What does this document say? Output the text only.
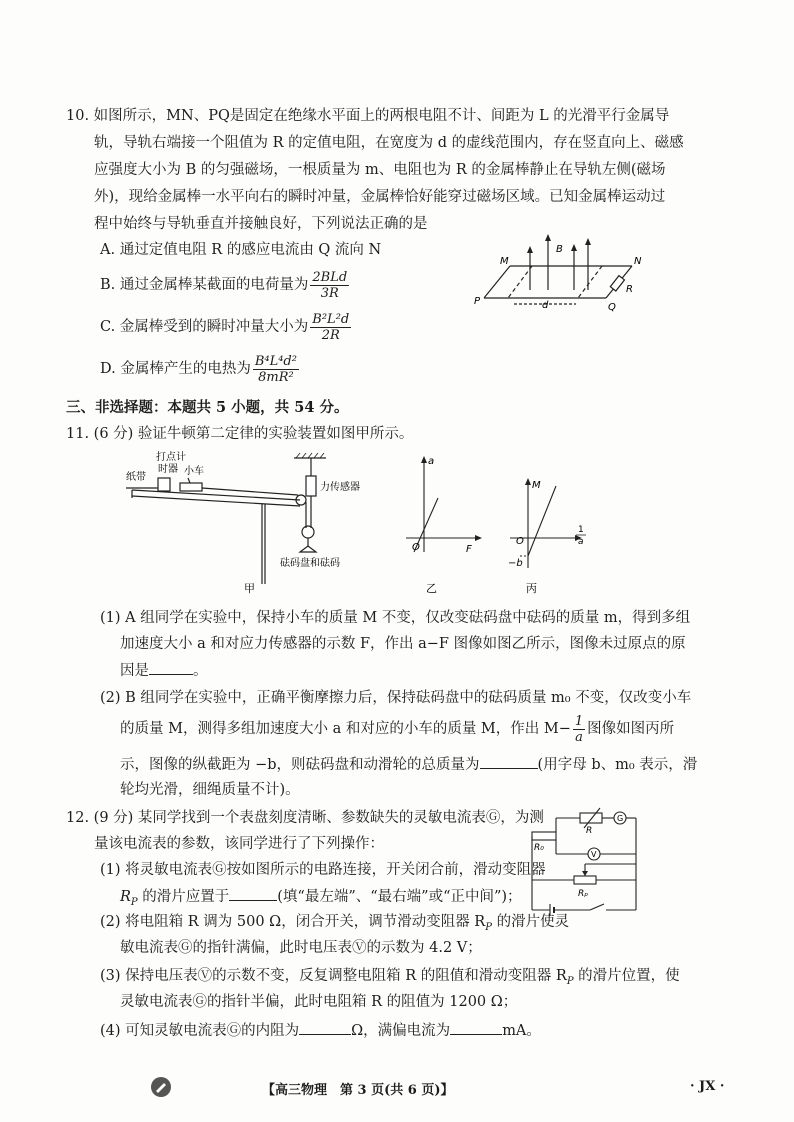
10. 如图所示，MN、PQ是固定在绝缘水平面上的两根电阻不计、间距为 L 的光滑平行金属导
轨，导轨右端接一个阻值为 R 的定值电阻，在宽度为 d 的虚线范围内，存在竖直向上、磁感
应强度大小为 B 的匀强磁场，一根质量为 m、电阻也为 R 的金属棒静止在导轨左侧(磁场
外)，现给金属棒一水平向右的瞬时冲量，金属棒恰好能穿过磁场区域。已知金属棒运动过
程中始终与导轨垂直并接触良好，下列说法正确的是
A. 通过定值电阻 R 的感应电流由 Q 流向 N
B. 通过金属棒某截面的电荷量为 $\frac{\text{2BLd}}{3R}$
C. 金属棒受到的瞬时冲量大小为 $\frac{\text{B²L²d}}{2R}$
D. 金属棒产生的电热为 $\frac{\text{B⁴L⁴d²}}{\text{8mR²}}$
M	N
P
Q
B
R
d
三、非选择题：本题共 5 小题，共 54 分。
11. (6 分) 验证牛顿第二定律的实验装置如图甲所示。
纸带
打点计
时器 小车
力传感器
砝码盘和砝码
甲
a
O	F
乙
M
O
−b
1
a
丙
(1) A 组同学在实验中，保持小车的质量 M 不变，仅改变砝码盘中砝码的质量 m，得到多组
加速度大小 a 和对应力传感器的示数 F，作出 a−F 图像如图乙所示，图像未过原点的原
因是	。
(2) B 组同学在实验中，正确平衡摩擦力后，保持砝码盘中的砝码质量 m₀ 不变，仅改变小车
的质量 M，测得多组加速度大小 a 和对应的小车的质量 M，作出 $M- \frac{1}{a}$ 图像如图丙所
示，图像的纵截距为 −b，则砝码盘和动滑轮的总质量为	(用字母 b、m₀ 表示，滑
轮均光滑，细绳质量不计)。
12. (9 分) 某同学找到一个表盘刻度清晰、参数缺失的灵敏电流表Ⓖ，为测
量该电流表的参数，该同学进行了下列操作：
(1) 将灵敏电流表Ⓖ按如图所示的电路连接，开关闭合前，滑动变阻器
$R_P$ 的滑片应置于	(填“最左端”、“最右端”或“正中间”)；
(2) 将电阻箱 R 调为 500 Ω，闭合开关，调节滑动变阻器 $R_P$ 的滑片使灵
敏电流表Ⓖ的指针满偏，此时电压表Ⓥ的示数为 4.2 V；
(3) 保持电压表Ⓥ的示数不变，反复调整电阻箱 R 的阻值和滑动变阻器 $R_P$ 的滑片位置，使
灵敏电流表Ⓖ的指针半偏，此时电阻箱 R 的阻值为 1200 Ω；
(4) 可知灵敏电流表Ⓖ的内阻为	Ω，满偏电流为	mA。
R
G
R₀
V
Rₚ
【高三物理　第 3 页(共 6 页)】	· JX ·
